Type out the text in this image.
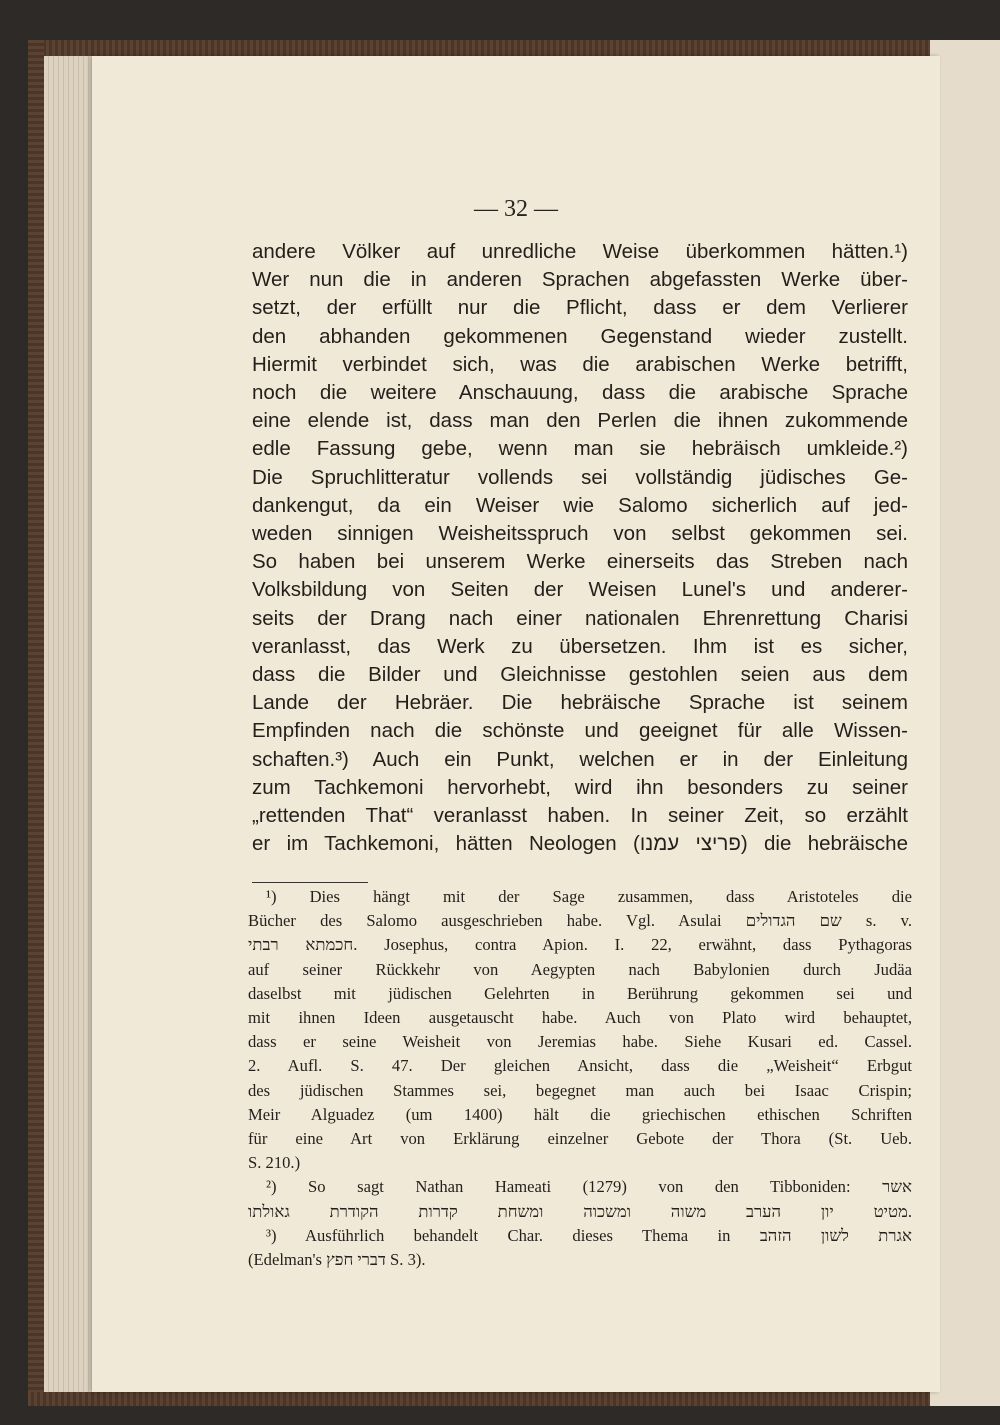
— 32 —

andere Völker auf unredliche Weise überkommen hätten.¹)
Wer nun die in anderen Sprachen abgefassten Werke über-
setzt, der erfüllt nur die Pflicht, dass er dem Verlierer
den abhanden gekommenen Gegenstand wieder zustellt.
Hiermit verbindet sich, was die arabischen Werke betrifft,
noch die weitere Anschauung, dass die arabische Sprache
eine elende ist, dass man den Perlen die ihnen zukommende
edle Fassung gebe, wenn man sie hebräisch umkleide.²)
Die Spruchlitteratur vollends sei vollständig jüdisches Ge-
dankengut, da ein Weiser wie Salomo sicherlich auf jed-
weden sinnigen Weisheitsspruch von selbst gekommen sei.
So haben bei unserem Werke einerseits das Streben nach
Volksbildung von Seiten der Weisen Lunel's und anderer-
seits der Drang nach einer nationalen Ehrenrettung Charisi
veranlasst, das Werk zu übersetzen. Ihm ist es sicher,
dass die Bilder und Gleichnisse gestohlen seien aus dem
Lande der Hebräer. Die hebräische Sprache ist seinem
Empfinden nach die schönste und geeignet für alle Wissen-
schaften.³) Auch ein Punkt, welchen er in der Einleitung
zum Tachkemoni hervorhebt, wird ihn besonders zu seiner
„rettenden That“ veranlasst haben. In seiner Zeit, so erzählt
er im Tachkemoni, hätten Neologen (פריצי עמנו) die hebräische

¹) Dies hängt mit der Sage zusammen, dass Aristoteles die
Bücher des Salomo ausgeschrieben habe. Vgl. Asulai שם הגדולים s. v.
חכמתא רבתי. Josephus, contra Apion. I. 22, erwähnt, dass Pythagoras
auf seiner Rückkehr von Aegypten nach Babylonien durch Judäa
daselbst mit jüdischen Gelehrten in Berührung gekommen sei und
mit ihnen Ideen ausgetauscht habe. Auch von Plato wird behauptet,
dass er seine Weisheit von Jeremias habe. Siehe Kusari ed. Cassel.
2. Aufl. S. 47. Der gleichen Ansicht, dass die „Weisheit“ Erbgut
des jüdischen Stammes sei, begegnet man auch bei Isaac Crispin;
Meir Alguadez (um 1400) hält die griechischen ethischen Schriften
für eine Art von Erklärung einzelner Gebote der Thora (St. Ueb.
S. 210.)
²) So sagt Nathan Hameati (1279) von den Tibboniden: אשר
מטיט יון הערב משוה ומשכוה ומשחת קדרות הקודרת גאולתו.
³) Ausführlich behandelt Char. dieses Thema in אגרת לשון הזהב
(Edelman's דברי חפץ S. 3).
